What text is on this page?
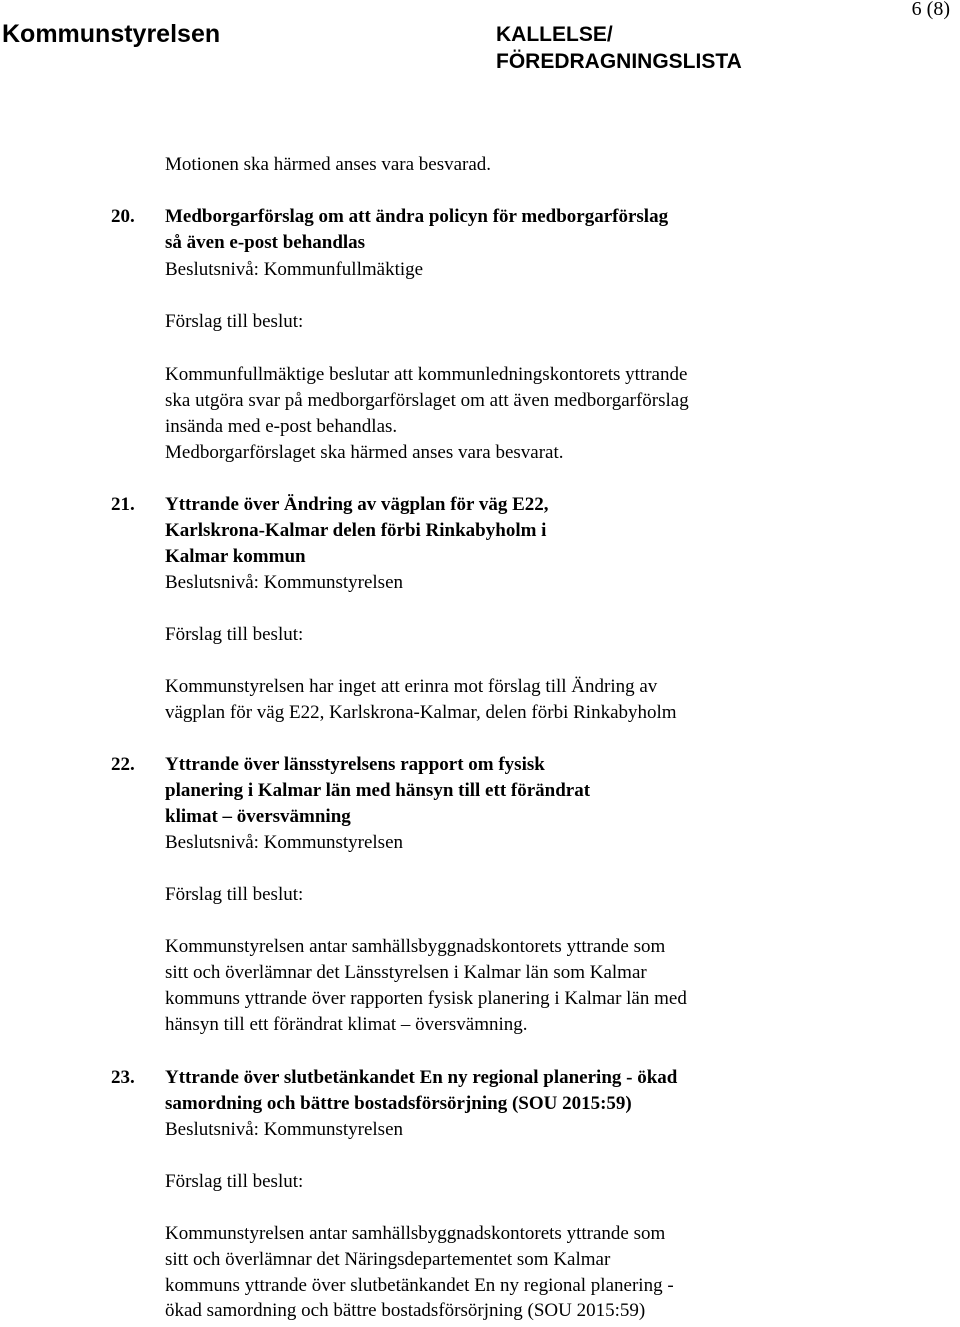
Kommunstyrelsen	KALLELSE/
FÖREDRAGNINGSLISTA
6 (8)
Motionen ska härmed anses vara besvarad.
20. Medborgarförslag om att ändra policyn för medborgarförslag
så även e-post behandlas
Beslutsnivå: Kommunfullmäktige
Förslag till beslut:
Kommunfullmäktige beslutar att kommunledningskontorets yttrande
ska utgöra svar på medborgarförslaget om att även medborgarförslag
insända med e-post behandlas.
Medborgarförslaget ska härmed anses vara besvarat.
21. Yttrande över Ändring av vägplan för väg E22,
Karlskrona-Kalmar delen förbi Rinkabyholm i
Kalmar kommun
Beslutsnivå: Kommunstyrelsen
Förslag till beslut:
Kommunstyrelsen har inget att erinra mot förslag till Ändring av
vägplan för väg E22, Karlskrona-Kalmar, delen förbi Rinkabyholm
22. Yttrande över länsstyrelsens rapport om fysisk
planering i Kalmar län med hänsyn till ett förändrat
klimat – översvämning
Beslutsnivå: Kommunstyrelsen
Förslag till beslut:
Kommunstyrelsen antar samhällsbyggnadskontorets yttrande som
sitt och överlämnar det Länsstyrelsen i Kalmar län som Kalmar
kommuns yttrande över rapporten fysisk planering i Kalmar län med
hänsyn till ett förändrat klimat – översvämning.
23. Yttrande över slutbetänkandet En ny regional planering - ökad
samordning och bättre bostadsförsörjning (SOU 2015:59)
Beslutsnivå: Kommunstyrelsen
Förslag till beslut:
Kommunstyrelsen antar samhällsbyggnadskontorets yttrande som
sitt och överlämnar det Näringsdepartementet som Kalmar
kommuns yttrande över slutbetänkandet En ny regional planering -
ökad samordning och bättre bostadsförsörjning (SOU 2015:59)
